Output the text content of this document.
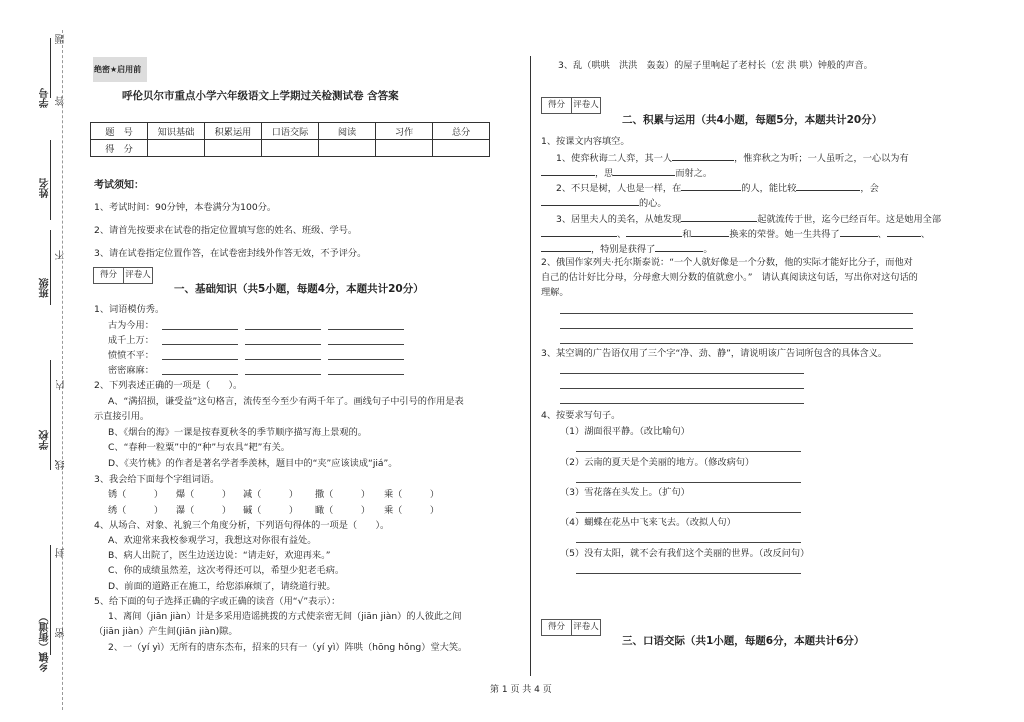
题
学号 答
姓名
不
班级
内
学校
线
封
乡镇（街道） 密
绝密★启用前
呼伦贝尔市重点小学六年级语文上学期过关检测试卷 含答案
题　号	知识基础	积累运用	口语交际	阅读	习作	总分
得　分						
考试须知：
1、考试时间：90分钟，本卷满分为100分。
2、请首先按要求在试卷的指定位置填写您的姓名、班级、学号。
3、请在试卷指定位置作答，在试卷密封线外作答无效，不予评分。
得分 评卷人
一、基础知识（共5小题，每题4分，本题共计20分）
1、词语模仿秀。
古为今用：
成千上万：
愤愤不平：
密密麻麻：
2、下列表述正确的一项是（　　）。
A、“满招损，谦受益”这句格言，流传至今至少有两千年了。画线句子中引号的作用是表
示直接引用。
B、《烟台的海》一课是按春夏秋冬的季节顺序描写海上景观的。
C、“春种一粒粟”中的“种”与农具“耙”有关。
D、《夹竹桃》的作者是著名学者季羡林，题目中的“夹”应该读成“jiá”。
3、我会给下面每个字组词语。
锈（　　　） 爆（　　　） 减（　　　） 撒（　　　） 乘（　　　）
绣（　　　） 瀑（　　　） 碱（　　　） 瞰（　　　） 乘（　　　）
4、从场合、对象、礼貌三个角度分析，下列语句得体的一项是（　　）。
A、欢迎常来我校参观学习，我想这对你很有益处。
B、病人出院了，医生边送边说：“请走好，欢迎再来。”
C、你的成绩虽然差，这次考得还可以，希望少犯老毛病。
D、前面的道路正在施工，给您添麻烦了，请绕道行驶。
5、给下面的句子选择正确的字或正确的读音（用“√”表示）：
1、离间（jiān jiàn）计是多采用造谣挑拨的方式使亲密无间（jiān jiàn）的人彼此之间
（jiān jiàn）产生间(jiān jiàn)隙。
2、一（yí yì）无所有的唐东杰布，招来的只有一（yí yì）阵哄（hōng hǒng）堂大笑。
3、乱（哄哄　洪洪　轰轰）的屋子里响起了老村长（宏 洪 哄）钟般的声音。
得分 评卷人
二、积累与运用（共4小题，每题5分，本题共计20分）
1、按课文内容填空。
1、使弈秋诲二人弈，其一人	，惟弈秋之为听；一人虽听之，一心以为有
，思	而射之。
2、不只是树，人也是一样，在	的人，能比较	，会
的心。
3、居里夫人的美名，从她发现	起就流传于世，迄今已经百年。这是她用全部
、	和	换来的荣誉。她一生共得了	、	、
，特别是获得了	。
2、俄国作家列夫·托尔斯泰说：“一个人就好像是一个分数，他的实际才能好比分子，而他对
自己的估计好比分母，分母愈大则分数的值就愈小。”　请认真阅读这句话，写出你对这句话的
理解。
3、某空调的广告语仅用了三个字“净、劲、静”，请说明该广告词所包含的具体含义。
4、按要求写句子。
（1）湖面很平静。（改比喻句）
（2）云南的夏天是个美丽的地方。（修改病句）
（3）雪花落在头发上。（扩句）
（4）蝴蝶在花丛中飞来飞去。（改拟人句）
（5）没有太阳，就不会有我们这个美丽的世界。（改反问句）
得分 评卷人
三、口语交际（共1小题，每题6分，本题共计6分）
第 1 页 共 4 页
